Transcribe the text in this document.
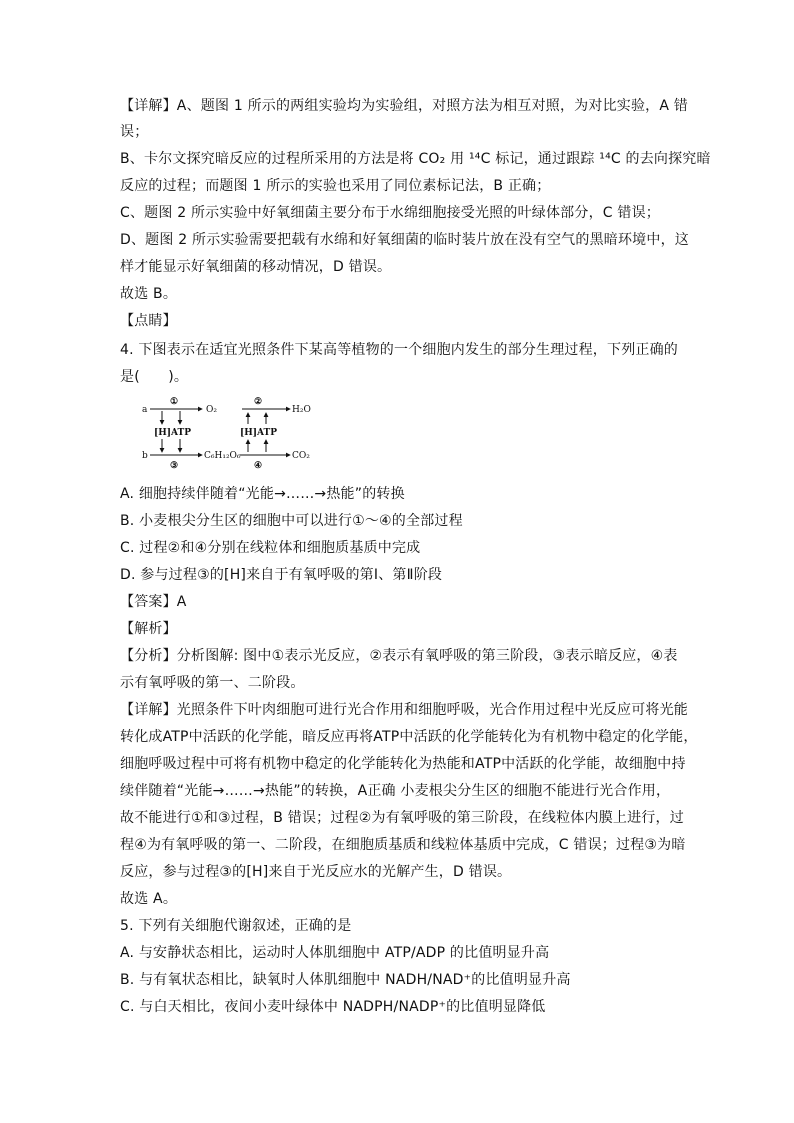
【详解】A、题图 1 所示的两组实验均为实验组，对照方法为相互对照，为对比实验，A 错
误；
B、卡尔文探究暗反应的过程所采用的方法是将 CO₂ 用 ¹⁴C 标记，通过跟踪 ¹⁴C 的去向探究暗
反应的过程；而题图 1 所示的实验也采用了同位素标记法，B 正确；
C、题图 2 所示实验中好氧细菌主要分布于水绵细胞接受光照的叶绿体部分，C 错误；
D、题图 2 所示实验需要把载有水绵和好氧细菌的临时装片放在没有空气的黑暗环境中，这
样才能显示好氧细菌的移动情况，D 错误。
故选 B。
【点睛】
4. 下图表示在适宜光照条件下某高等植物的一个细胞内发生的部分生理过程，下列正确的
是(　　)。
a
①
O₂
②
H₂O
[H]ATP	[H]ATP
b
③
C₆H₁₂O₆
④
CO₂
A. 细胞持续伴随着“光能→……→热能”的转换
B. 小麦根尖分生区的细胞中可以进行①～④的全部过程
C. 过程②和④分别在线粒体和细胞质基质中完成
D. 参与过程③的[H]来自于有氧呼吸的第Ⅰ、第Ⅱ阶段
【答案】A
【解析】
【分析】分析图解: 图中①表示光反应，②表示有氧呼吸的第三阶段，③表示暗反应，④表
示有氧呼吸的第一、二阶段。
【详解】光照条件下叶肉细胞可进行光合作用和细胞呼吸，光合作用过程中光反应可将光能
转化成ATP中活跃的化学能，暗反应再将ATP中活跃的化学能转化为有机物中稳定的化学能，
细胞呼吸过程中可将有机物中稳定的化学能转化为热能和ATP中活跃的化学能，故细胞中持
续伴随着“光能→……→热能”的转换，A正确 小麦根尖分生区的细胞不能进行光合作用，
故不能进行①和③过程，B 错误；过程②为有氧呼吸的第三阶段，在线粒体内膜上进行，过
程④为有氧呼吸的第一、二阶段，在细胞质基质和线粒体基质中完成，C 错误；过程③为暗
反应，参与过程③的[H]来自于光反应水的光解产生，D 错误。
故选 A。
5. 下列有关细胞代谢叙述，正确的是
A. 与安静状态相比，运动时人体肌细胞中 ATP/ADP 的比值明显升高
B. 与有氧状态相比，缺氧时人体肌细胞中 NADH/NAD⁺的比值明显升高
C. 与白天相比，夜间小麦叶绿体中 NADPH/NADP⁺的比值明显降低
